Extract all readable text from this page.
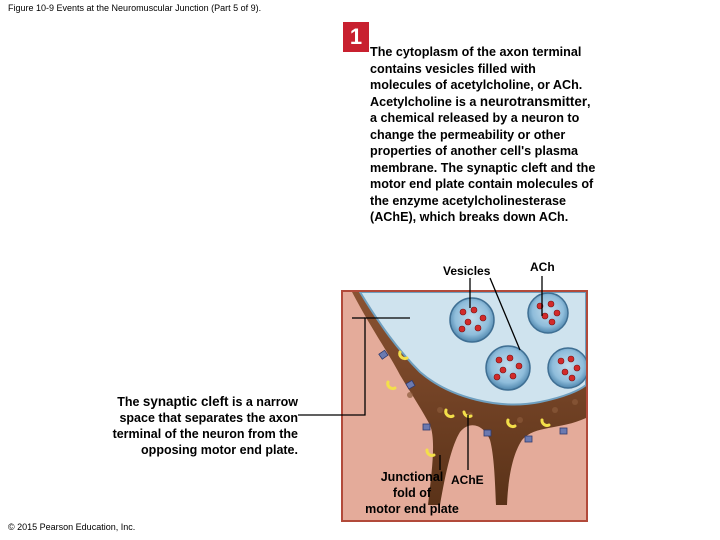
Figure 10-9 Events at the Neuromuscular Junction (Part 5 of 9).
1
The cytoplasm of the axon terminal contains vesicles filled with molecules of acetylcholine, or ACh. Acetylcholine is a neurotransmitter, a chemical released by a neuron to change the permeability or other properties of another cell's plasma membrane. The synaptic cleft and the motor end plate contain molecules of the enzyme acetylcholinesterase (AChE), which breaks down ACh.
Vesicles	ACh
Junctional
fold of
motor end plate
AChE
The synaptic cleft is a narrow space that separates the axon terminal of the neuron from the opposing motor end plate.
© 2015 Pearson Education, Inc.
